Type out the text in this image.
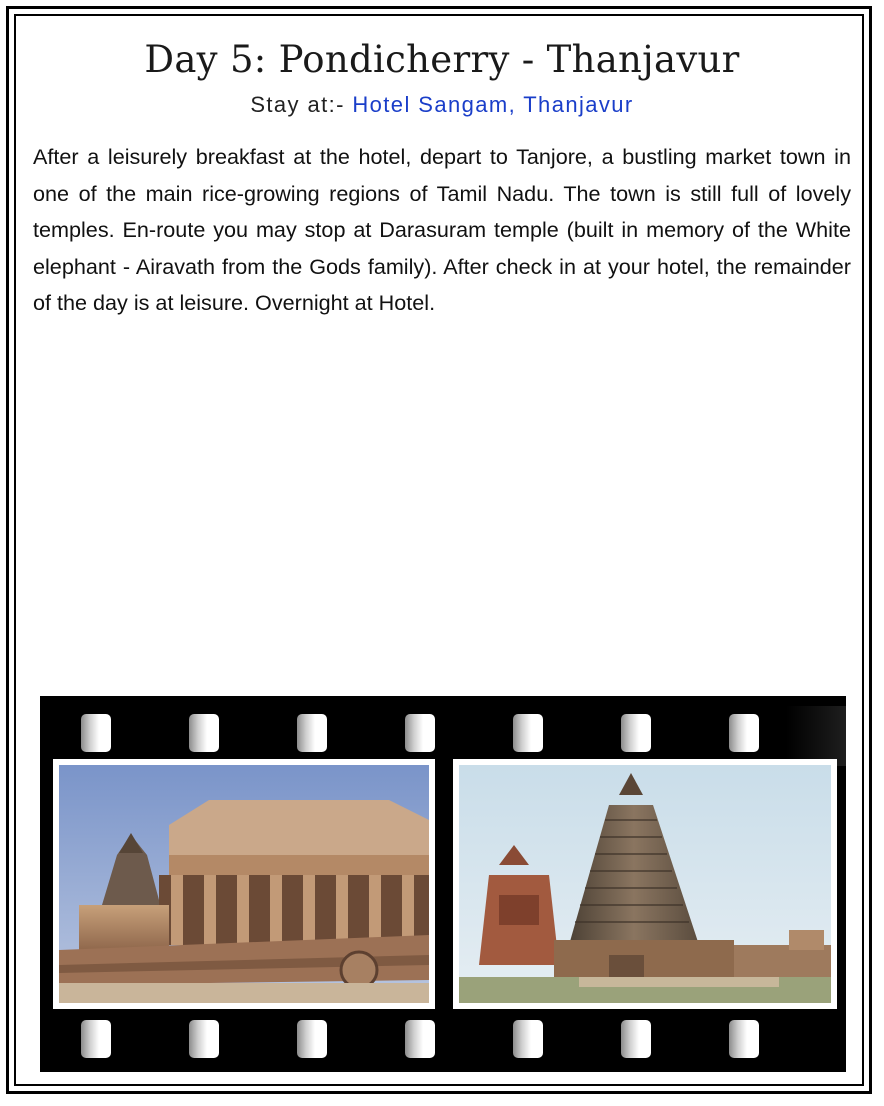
Day 5: Pondicherry - Thanjavur
Stay at:- Hotel Sangam, Thanjavur
After a leisurely breakfast at the hotel, depart to Tanjore, a bustling market town in one of the main rice-growing regions of Tamil Nadu. The town is still full of lovely temples. En-route you may stop at Darasuram temple (built in memory of the White elephant - Airavath from the Gods family). After check in at your hotel, the remainder of the day is at leisure. Overnight at Hotel.
